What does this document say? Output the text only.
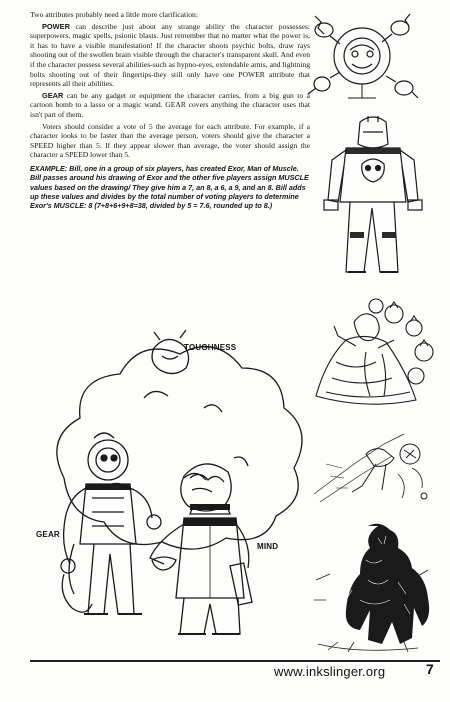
Two attributes probably need a little more clarification:

POWER can describe just about any strange ability the character possesses: superpowers, magic spells, psionic blasts. Just remember that no matter what the power is, it has to have a visible manifestation! If the character shoots psychic bolts, draw rays shooting out of the swollen brain visible through the character's transparent skull. And even if the character possess several abilities-such as hypno-eyes, extendable arms, and lightning bolts shooting out of their fingertips-they still only have one POWER attribute that represents all their abilities.

GEAR can be any gadget or equipment the character carries, from a big gun to a cartoon bomb to a lasso or a magic wand. GEAR covers anything the character uses that isn't part of them.

Voters should consider a vote of 5 the average for each attribute. For example, if a character looks to be faster than the average person, voters should give the character a SPEED higher than 5. If they appear slower than average, the voter should assign the character a SPEED lower than 5.

EXAMPLE: Bill, one in a group of six players, has created Exor, Man of Muscle. Bill passes around his drawing of Exor and the other five players assign MUSCLE values based on the drawing/ They give him a 7, an 8, a 6, a 9, and an 8. Bill adds up these values and divides by the total number of voting players to determine Exor's MUSCLE: 8 (7+8+6+9+8=38, divided by 5 = 7.6, rounded up to 8.)
TOUGHNESS
GEAR
MIND
www.inkslinger.org	7
